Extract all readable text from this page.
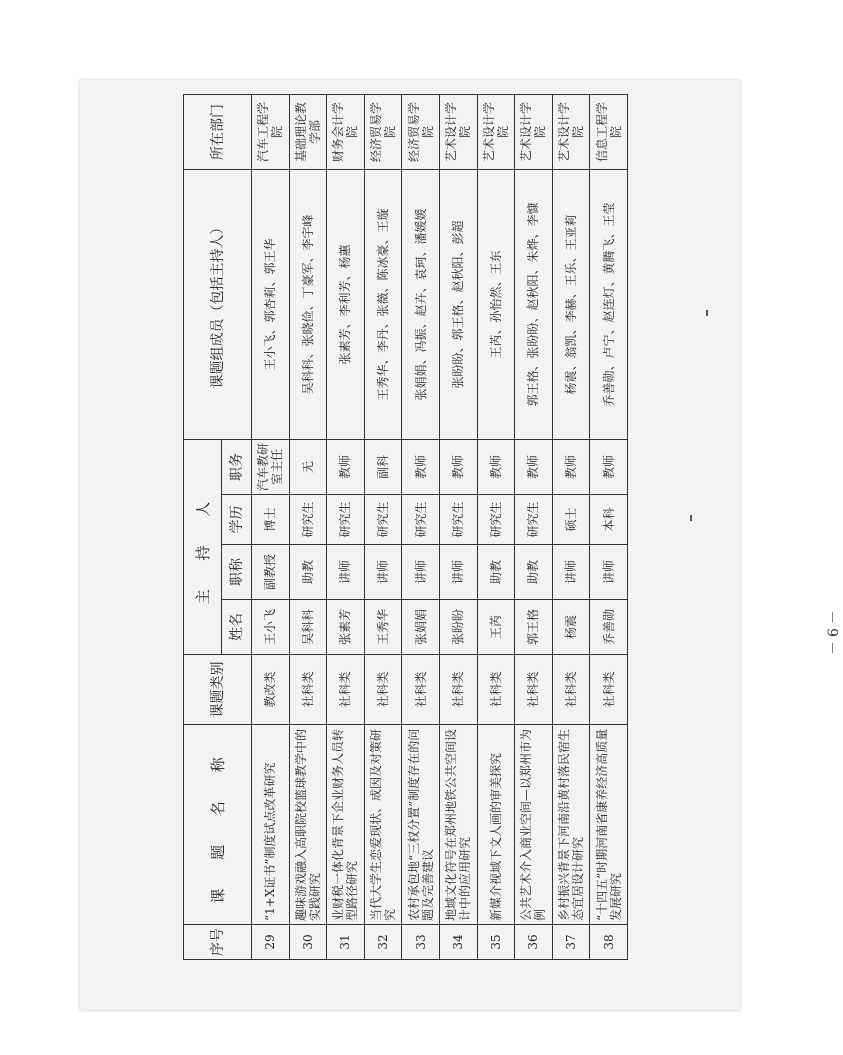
序号	课 题 名 称	课题类别	主 持 人				课题组成员（包括主持人）	所在部门
			姓名	职称	学历	职务		
29	“1+X证书”制度试点改革研究	教改类	王小飞	副教授	博士	汽车教研室主任	王小飞、郭杏莉、郭王华	汽车工程学院
30	趣味游戏融入高职院校篮球教学中的实践研究	社科类	吴科科	助教	研究生	无	吴科科、张晓俭、丁豪军、李宇峰	基础理论教学部
31	业财税一体化背景下企业财务人员转型路径研究	社科类	张素芳	讲师	研究生	教师	张素芳、李利芳、杨蕙	财务会计学院
32	当代大学生恋爱现状、成因及对策研究	社科类	王秀华	讲师	研究生	副科	王秀华、李丹、张薇、陈冰豪、王璇	经济贸易学院
33	农村承包地“三权分置”制度存在的问题及完善建议	社科类	张娟娟	讲师	研究生	教师	张娟娟、冯振、赵卉、袁珂、潘媛媛	经济贸易学院
34	地域文化符号在郑州地铁公共空间设计中的应用研究	社科类	张盼盼	讲师	研究生	教师	张盼盼、郭王格、赵秋阳、彭超	艺术设计学院
35	新媒介视域下文人画的审美探究	社科类	王芮	助教	研究生	教师	王芮、孙怡然、王东	艺术设计学院
36	公共艺术介入商业空间—以郑州市为例	社科类	郭王格	助教	研究生	教师	郭王格、张盼盼、赵秋阳、朱烨、李慷	艺术设计学院
37	乡村振兴背景下河南沿黄村落民宿生态宜居设计研究	社科类	杨震	讲师	硕士	教师	杨震、翁凯、李赫、王乐、王亚莉	艺术设计学院
38	“十四五”时期河南省康养经济高质量发展研究	社科类	乔善勋	讲师	本科	教师	乔善勋、卢宁、赵连灯、黄腾飞、王莹	信息工程学院
－6－
